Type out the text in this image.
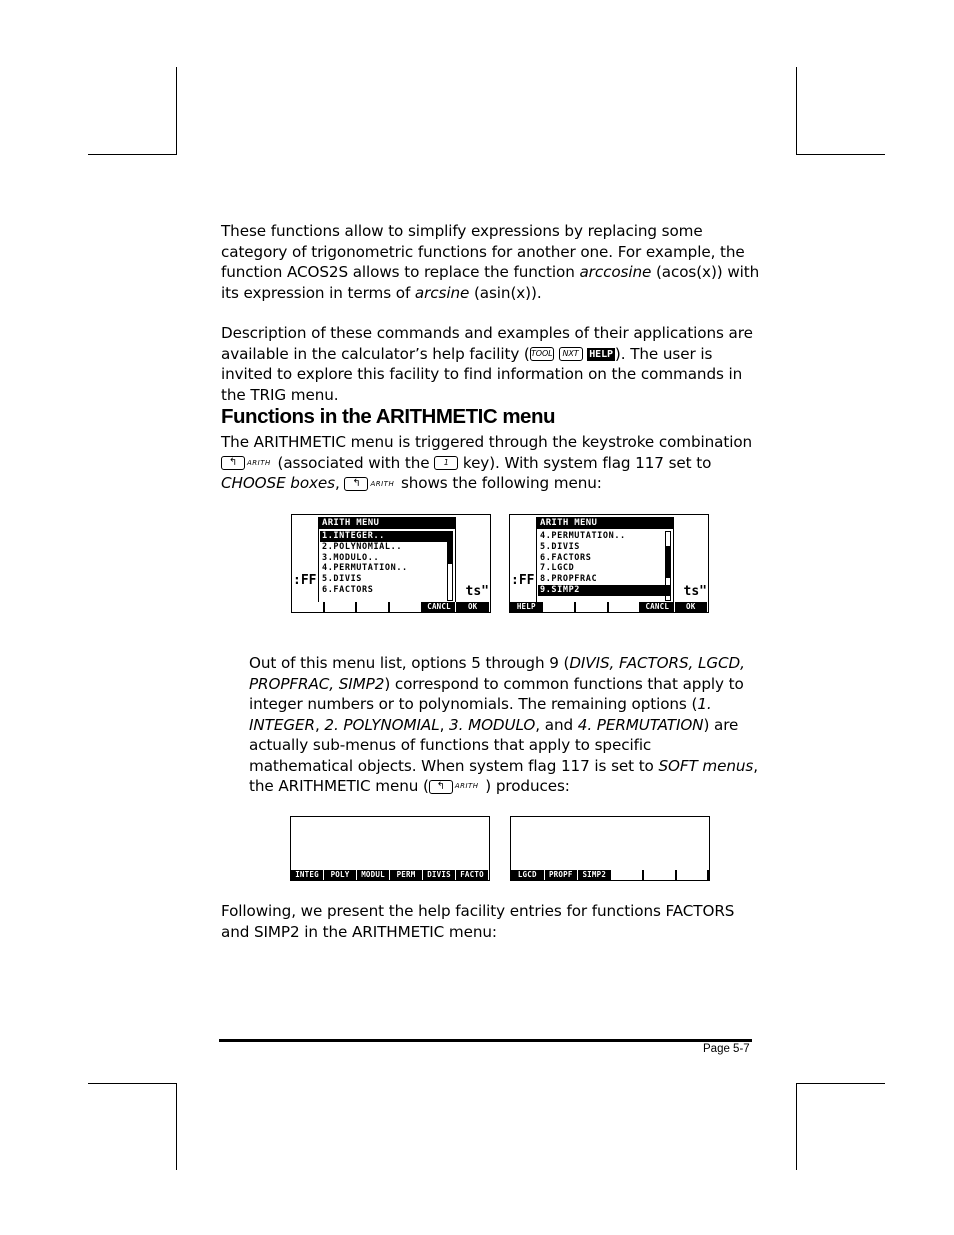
These functions allow to simplify expressions by replacing some category of trigonometric functions for another one. For example, the function ACOS2S allows to replace the function arccosine (acos(x)) with its expression in terms of arcsine (asin(x)).

Description of these commands and examples of their applications are available in the calculator’s help facility (TOOL NXT HELP ). The user is invited to explore this facility to find information on the commands in the TRIG menu.

Functions in the ARITHMETIC menu

The ARITHMETIC menu is triggered through the keystroke combination
↰ ARITH (associated with the 1 key). With system flag 117 set to
CHOOSE boxes, ↰ ARITH shows the following menu:

:FF
ts"
ARITH MENU
1.INTEGER..
2.POLYNOMIAL..
3.MODULO..
4.PERMUTATION..
5.DIVIS
6.FACTORS
CANCL	OK
:FF
ts"
ARITH MENU
4.PERMUTATION..
5.DIVIS
6.FACTORS
7.LGCD
8.PROPFRAC
9.SIMP2
HELP	CANCL	OK

Out of this menu list, options 5 through 9 (DIVIS, FACTORS, LGCD, PROPFRAC, SIMP2) correspond to common functions that apply to integer numbers or to polynomials. The remaining options (1. INTEGER, 2. POLYNOMIAL, 3. MODULO, and 4. PERMUTATION) are actually sub-menus of functions that apply to specific mathematical objects. When system flag 117 is set to SOFT menus, the ARITHMETIC menu ( ↰ ARITH ) produces:

INTEG	POLY	MODUL	PERM	DIVIS	FACTO	LGCD	PROPF	SIMP2

Following, we present the help facility entries for functions FACTORS and SIMP2 in the ARITHMETIC menu:

Page 5-7
